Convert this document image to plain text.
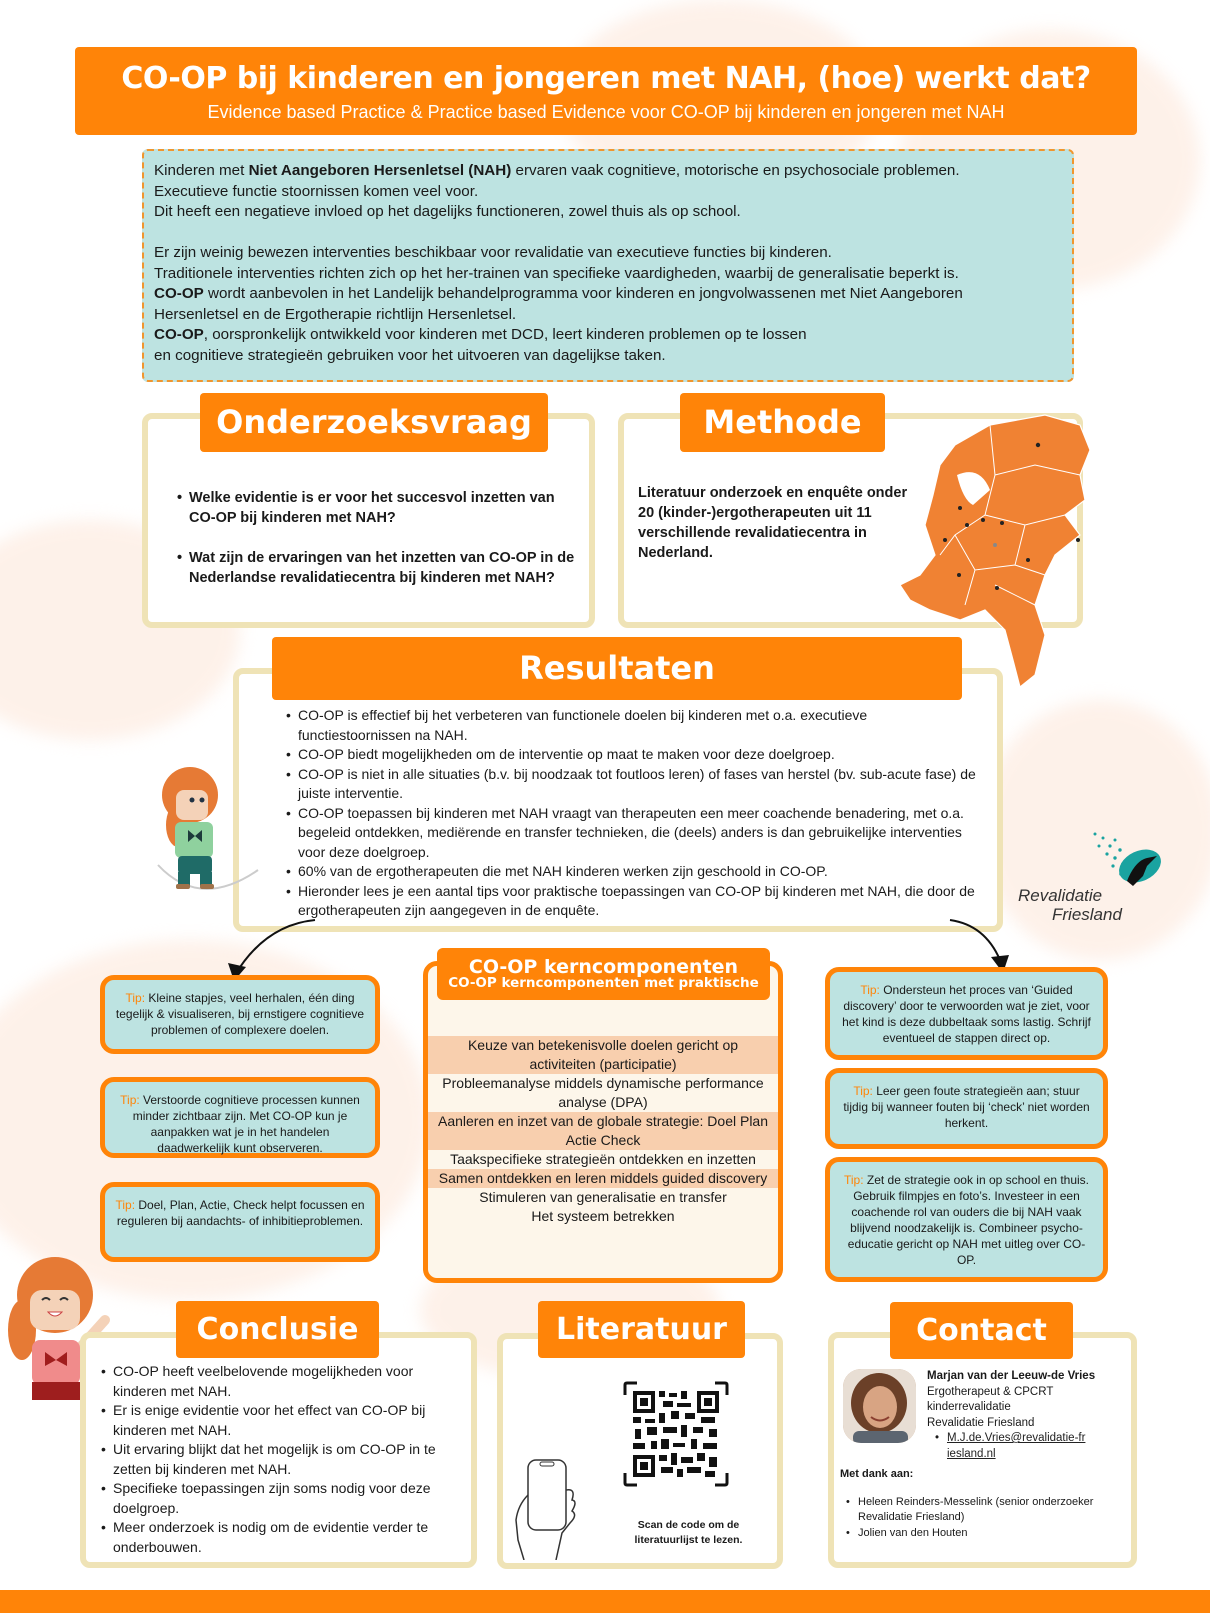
CO-OP bij kinderen en jongeren met NAH, (hoe) werkt dat?
Evidence based Practice & Practice based Evidence voor CO-OP bij kinderen en jongeren met NAH

Kinderen met Niet Aangeboren Hersenletsel (NAH) ervaren vaak cognitieve, motorische en psychosociale problemen.

Executieve functie stoornissen komen veel voor.

Dit heeft een negatieve invloed op het dagelijks functioneren, zowel thuis als op school.

Er zijn weinig bewezen interventies beschikbaar voor revalidatie van executieve functies bij kinderen.

Traditionele interventies richten zich op het her-trainen van specifieke vaardigheden, waarbij de generalisatie beperkt is.

CO-OP wordt aanbevolen in het Landelijk behandelprogramma voor kinderen en jongvolwassenen met Niet Aangeboren

Hersenletsel en de Ergotherapie richtlijn Hersenletsel.

CO-OP, oorspronkelijk ontwikkeld voor kinderen met DCD, leert kinderen problemen op te lossen

en cognitieve strategieën gebruiken voor het uitvoeren van dagelijkse taken.

Onderzoeksvraag
• Welke evidentie is er voor het succesvol inzetten van CO-OP bij kinderen met NAH?
• Wat zijn de ervaringen van het inzetten van CO-OP in de Nederlandse revalidatiecentra bij kinderen met NAH?
Methode
Literatuur onderzoek en enquête onder 20 (kinder-)ergotherapeuten uit 11 verschillende revalidatiecentra in Nederland.
Resultaten
• CO-OP is effectief bij het verbeteren van functionele doelen bij kinderen met o.a. executieve functiestoornissen na NAH.
• CO-OP biedt mogelijkheden om de interventie op maat te maken voor deze doelgroep.
• CO-OP is niet in alle situaties (b.v. bij noodzaak tot foutloos leren) of fases van herstel (bv. sub-acute fase) de juiste interventie.
• CO-OP toepassen bij kinderen met NAH vraagt van therapeuten een meer coachende benadering, met o.a. begeleid ontdekken, mediërende en transfer technieken, die (deels) anders is dan gebruikelijke interventies voor deze doelgroep.
• 60% van de ergotherapeuten die met NAH kinderen werken zijn geschoold in CO-OP.
• Hieronder lees je een aantal tips voor praktische toepassingen van CO-OP bij kinderen met NAH, die door de ergotherapeuten zijn aangegeven in de enquête.
Revalidatie
Friesland
Tip: Kleine stapjes, veel herhalen, één ding tegelijk & visualiseren, bij ernstigere cognitieve problemen of complexere doelen.
Tip: Verstoorde cognitieve processen kunnen minder zichtbaar zijn. Met CO-OP kun je aanpakken wat je in het handelen daadwerkelijk kunt observeren.
Tip: Doel, Plan, Actie, Check helpt focussen en reguleren bij aandachts- of inhibitieproblemen.
CO-OP kerncomponenten
CO-OP kerncomponenten met praktische
Keuze van betekenisvolle doelen gericht op activiteiten (participatie)
Probleemanalyse middels dynamische performance analyse (DPA)
Aanleren en inzet van de globale strategie: Doel Plan Actie Check
Taakspecifieke strategieën ontdekken en inzetten
Samen ontdekken en leren middels guided discovery
Stimuleren van generalisatie en transfer
Het systeem betrekken
Tip: Ondersteun het proces van ‘Guided discovery’ door te verwoorden wat je ziet, voor het kind is deze dubbeltaak soms lastig. Schrijf eventueel de stappen direct op.
Tip: Leer geen foute strategieën aan; stuur tijdig bij wanneer fouten bij ‘check’ niet worden herkent.
Tip: Zet de strategie ook in op school en thuis. Gebruik filmpjes en foto’s. Investeer in een coachende rol van ouders die bij NAH vaak blijvend noodzakelijk is. Combineer psycho-educatie gericht op NAH met uitleg over CO-OP.
Conclusie
• CO-OP heeft veelbelovende mogelijkheden voor kinderen met NAH.
• Er is enige evidentie voor het effect van CO-OP bij kinderen met NAH.
• Uit ervaring blijkt dat het mogelijk is om CO-OP in te zetten bij kinderen met NAH.
• Specifieke toepassingen zijn soms nodig voor deze doelgroep.
• Meer onderzoek is nodig om de evidentie verder te onderbouwen.
Literatuur
Scan de code om de literatuurlijst te lezen.
Contact
Marjan van der Leeuw-de Vries
Ergotherapeut & CPCRT
kinderrevalidatie
Revalidatie Friesland
• M.J.de.Vries@revalidatie-friesland.nl
Met dank aan:
• Heleen Reinders-Messelink (senior onderzoeker Revalidatie Friesland)
• Jolien van den Houten
